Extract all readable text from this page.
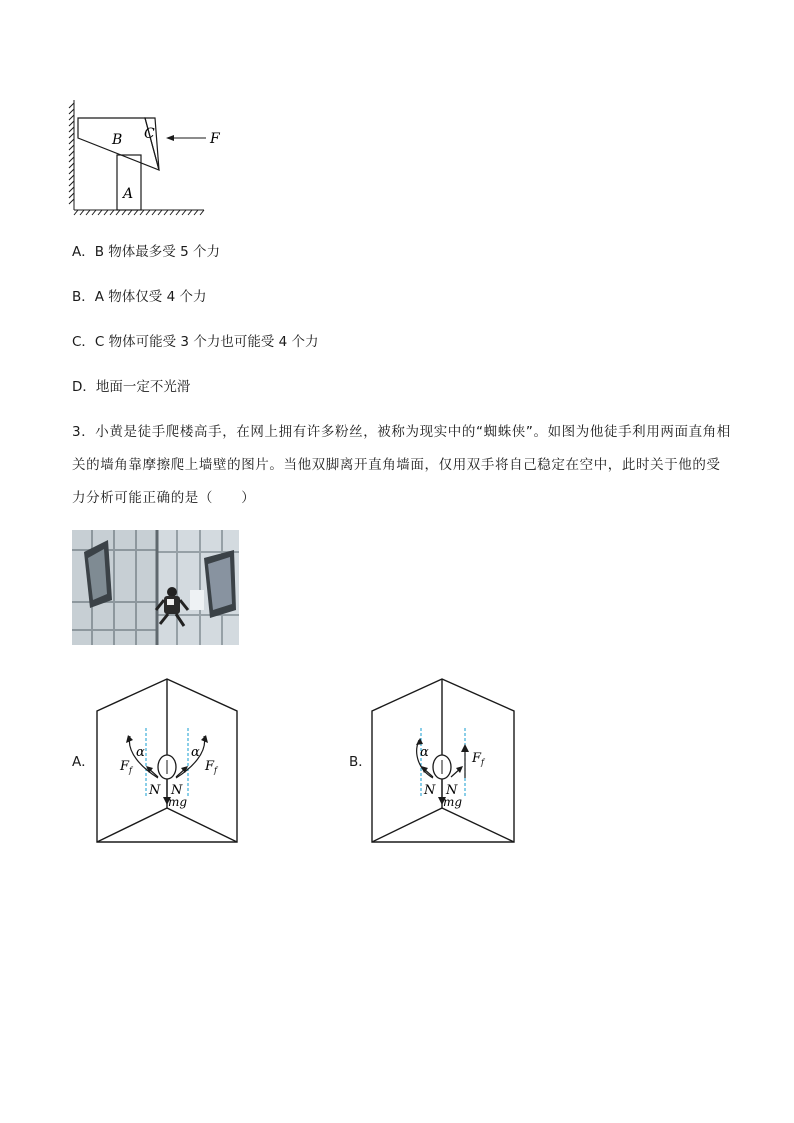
B C
A
F
A．B 物体最多受 5 个力
B．A 物体仅受 4 个力
C．C 物体可能受 3 个力也可能受 4 个力
D．地面一定不光滑
3．小黄是徒手爬楼高手，在网上拥有许多粉丝，被称为现实中的“蜘蛛侠”。如图为他徒手利用两面直角相关的墙角靠摩擦爬上墙壁的图片。当他双脚离开直角墙面，仅用双手将自己稳定在空中，此时关于他的受力分析可能正确的是（　　）
A．	B．
α	α
F f	F f
N N
mg
α	F f
N N
mg
